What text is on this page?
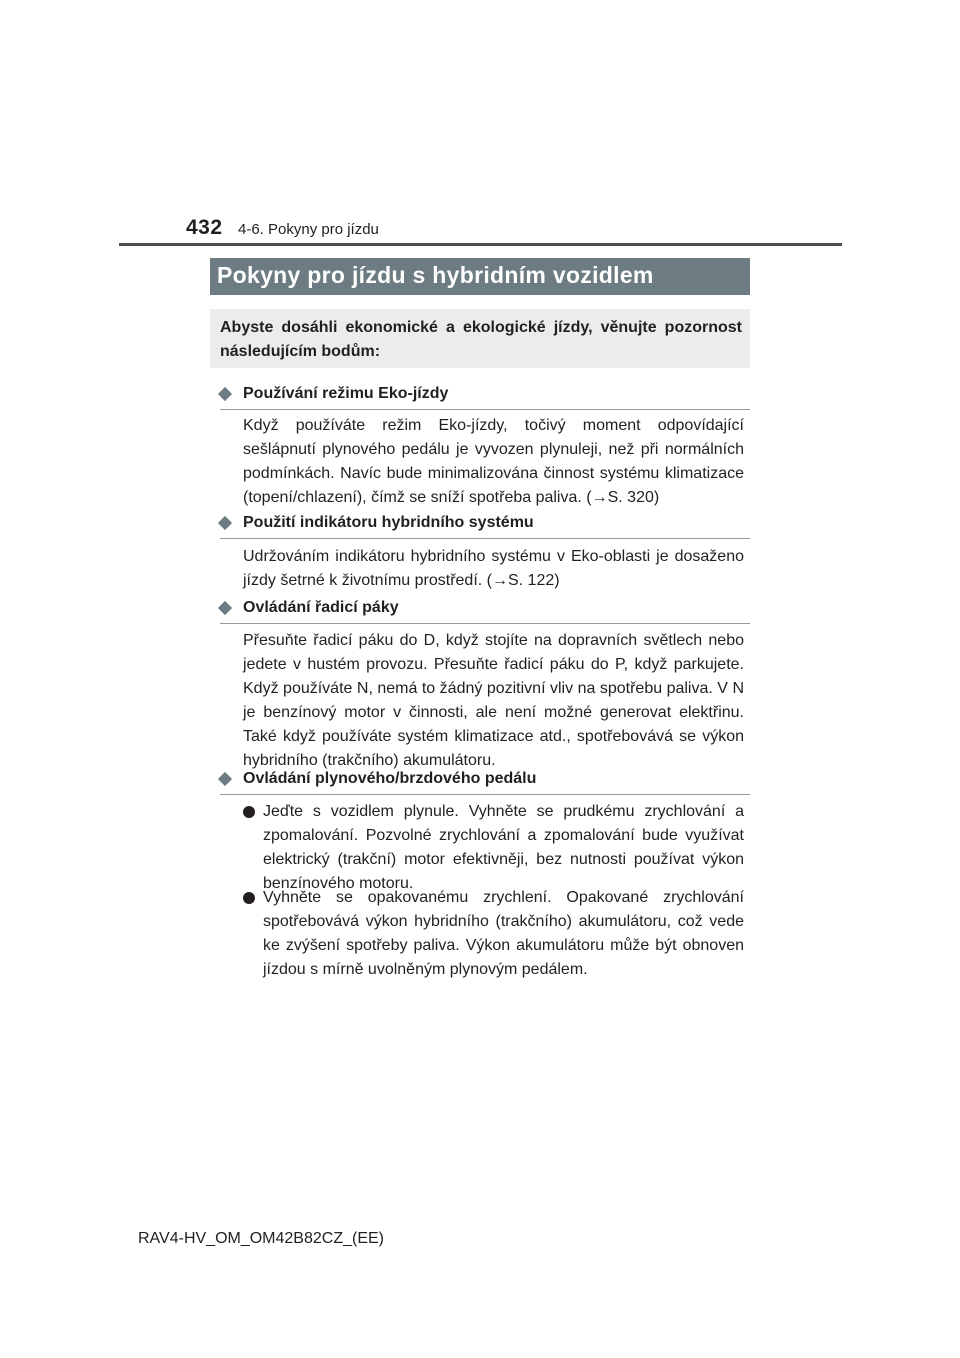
432 4-6. Pokyny pro jízdu
Pokyny pro jízdu s hybridním vozidlem
Abyste dosáhli ekonomické a ekologické jízdy, věnujte pozornost následujícím bodům:
Používání režimu Eko-jízdy
Když používáte režim Eko-jízdy, točivý moment odpovídající sešlápnutí plynového pedálu je vyvozen plynuleji, než při normálních podmínkách. Navíc bude minimalizována činnost systému klimatizace (topení/chlazení), čímž se sníží spotřeba paliva. (→S. 320)
Použití indikátoru hybridního systému
Udržováním indikátoru hybridního systému v Eko-oblasti je dosaženo jízdy šetrné k životnímu prostředí. (→S. 122)
Ovládání řadicí páky
Přesuňte řadicí páku do D, když stojíte na dopravních světlech nebo jedete v hustém provozu. Přesuňte řadicí páku do P, když parkujete. Když používáte N, nemá to žádný pozitivní vliv na spotřebu paliva. V N je benzínový motor v činnosti, ale není možné generovat elektřinu. Také když používáte systém klimatizace atd., spotřebovává se výkon hybridního (trakčního) akumulátoru.
Ovládání plynového/brzdového pedálu
Jeďte s vozidlem plynule. Vyhněte se prudkému zrychlování a zpomalování. Pozvolné zrychlování a zpomalování bude využívat elektrický (trakční) motor efektivněji, bez nutnosti používat výkon benzínového motoru.
Vyhněte se opakovanému zrychlení. Opakované zrychlování spotřebovává výkon hybridního (trakčního) akumulátoru, což vede ke zvýšení spotřeby paliva. Výkon akumulátoru může být obnoven jízdou s mírně uvolněným plynovým pedálem.
RAV4-HV_OM_OM42B82CZ_(EE)
